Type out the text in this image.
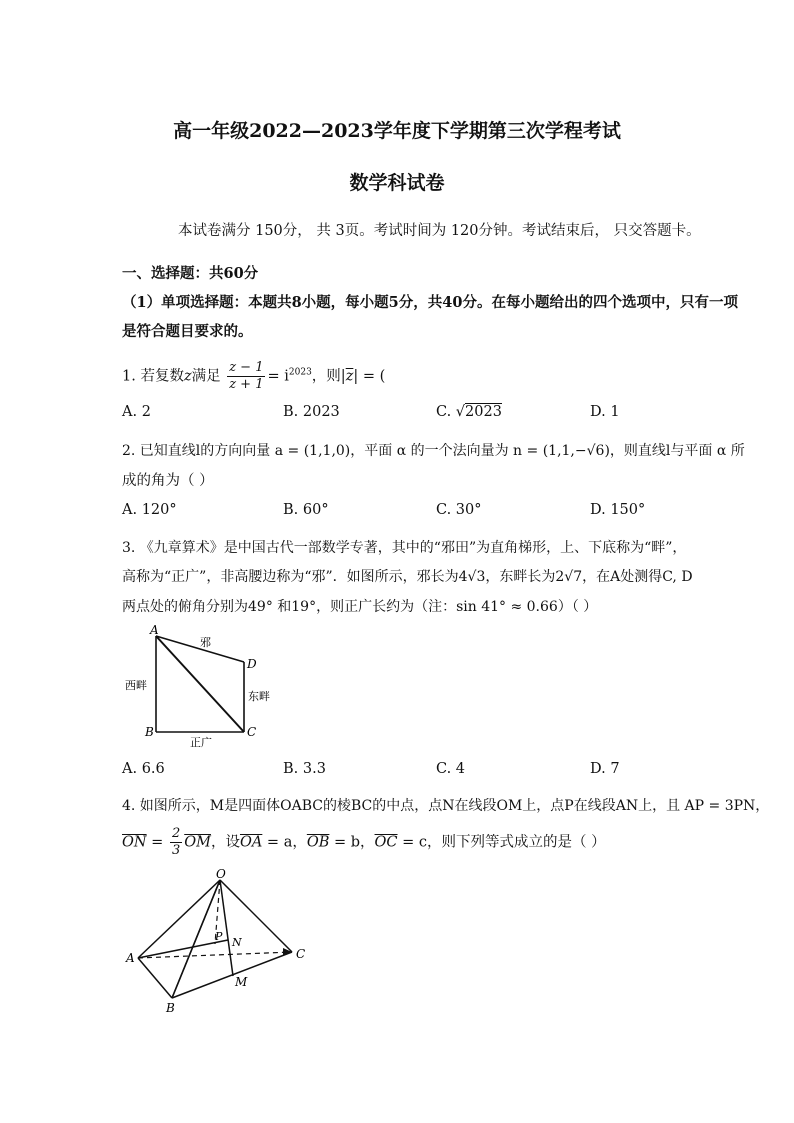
高一年级2022—2023学年度下学期第三次学程考试
数学科试卷
本试卷满分 150分， 共 3页。考试时间为 120分钟。考试结束后， 只交答题卡。
一、选择题：共60分
（1）单项选择题：本题共8小题，每小题5分，共40分。在每小题给出的四个选项中，只有一项
是符合题目要求的。
1. 若复数z满足 $\frac{z - 1}{z + 1} = i^{2023}$，则$|\overline{z}|$ = (
A. 2	B. 2023	C. √2023	D. 1
2. 已知直线l的方向向量 a = (1,1,0)，平面 α 的一个法向量为 n = (1,1,−√6)，则直线l与平面 α 所
成的角为（ ）
A. 120°	B. 60°	C. 30°	D. 150°
3. 《九章算术》是中国古代一部数学专著，其中的“邪田”为直角梯形，上、下底称为“畔”，
高称为“正广”，非高腰边称为“邪”．如图所示，邪长为4√3，东畔长为2√7，在A处测得C, D
两点处的俯角分别为49° 和19°，则正广长约为（注：sin 41° ≈ 0.66）（ ）
A
B	C
D
邪
西畔
东畔
正广
A. 6.6	B. 3.3	C. 4	D. 7
4. 如图所示，M是四面体OABC的棱BC的中点，点N在线段OM上，点P在线段AN上，且 AP = 3PN，
$\overline{ON} = \frac{2}{3} \overline{OM}$，设$\overline{OA} = a$，$\overline{OB} = b$，$\overline{OC} = c$，则下列等式成立的是（ ）
O
A
B
C
M
N
P
